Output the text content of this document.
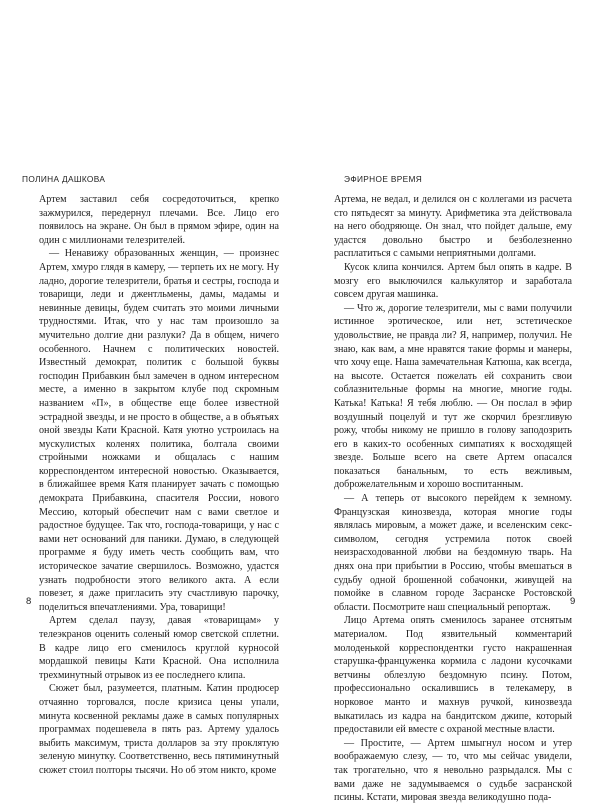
ПОЛИНА ДАШКОВА

Артем заставил себя сосредоточиться, крепко зажмурился, передернул плечами. Все. Лицо его появилось на экране. Он был в прямом эфире, один на один с миллионами телезрителей.

— Ненавижу образованных женщин, — произнес Артем, хмуро глядя в камеру, — терпеть их не могу. Ну ладно, дорогие телезрители, братья и сестры, господа и товарищи, леди и джентльмены, дамы, мадамы и невинные девицы, будем считать это моими личными трудностями. Итак, что у нас там произошло за мучительно долгие дни разлуки? Да в общем, ничего особенного. Начнем с политических новостей. Известный демократ, политик с большой буквы господин Прибавкин был замечен в одном интересном месте, а именно в закрытом клубе под скромным названием «П», в обществе еще более известной эстрадной звезды, и не просто в обществе, а в объятьях оной звезды Кати Красной. Катя уютно устроилась на мускулистых коленях политика, болтала своими стройными ножками и общалась с нашим корреспондентом интересной новостью. Оказывается, в ближайшее время Катя планирует зачать с помощью демократа Прибавкина, спасителя России, нового Мессию, который обеспечит нам с вами светлое и радостное будущее. Так что, господа-товарищи, у нас с вами нет оснований для паники. Думаю, в следующей программе я буду иметь честь сообщить вам, что историческое зачатие свершилось. Возможно, удастся узнать подробности этого великого акта. А если повезет, я даже пригласить эту счастливую парочку, поделиться впечатлениями. Ура, товарищи!

Артем сделал паузу, давая «товарищам» у телеэкранов оценить соленый юмор светской сплетни. В кадре лицо его сменилось круглой курносой мордашкой певицы Кати Красной. Она исполнила трехминутный отрывок из ее последнего клипа.

Сюжет был, разумеется, платным. Катин продюсер отчаянно торговался, после кризиса цены упали, минута косвенной рекламы даже в самых популярных программах подешевела в пять раз. Артему удалось выбить максимум, триста долларов за эту проклятую зеленую минутку. Соответственно, весь пятиминутный сюжет стоил полторы тысячи. Но об этом никто, кроме

8
ЭФИРНОЕ ВРЕМЯ

Артема, не ведал, и делился он с коллегами из расчета сто пятьдесят за минуту. Арифметика эта действовала на него ободряюще. Он знал, что пойдет дальше, ему удастся довольно быстро и безболезненно расплатиться с самыми неприятными долгами.

Кусок клипа кончился. Артем был опять в кадре. В мозгу его выключился калькулятор и заработала совсем другая машинка.

— Что ж, дорогие телезрители, мы с вами получили истинное эротическое, или нет, эстетическое удовольствие, не правда ли? Я, например, получил. Не знаю, как вам, а мне нравятся такие формы и манеры, что хочу еще. Наша замечательная Катюша, как всегда, на высоте. Остается пожелать ей сохранить свои соблазнительные формы на многие, многие годы. Катька! Катька! Я тебя люблю. — Он послал в эфир воздушный поцелуй и тут же скорчил брезгливую рожу, чтобы никому не пришло в голову заподозрить его в каких-то особенных симпатиях к восходящей звезде. Больше всего на свете Артем опасался показаться банальным, то есть вежливым, доброжелательным и хорошо воспитанным.

— А теперь от высокого перейдем к земному. Французская кинозвезда, которая многие годы являлась мировым, а может даже, и вселенским секс-символом, сегодня устремила поток своей неизрасходованной любви на бездомную тварь. На днях она при прибытии в Россию, чтобы вмешаться в судьбу одной брошенной собачонки, живущей на помойке в славном городе Засранске Ростовской области. Посмотрите наш специальный репортаж.

Лицо Артема опять сменилось заранее отснятым материалом. Под язвительный комментарий молоденькой корреспондентки густо накрашенная старушка-француженка кормила с ладони кусочками ветчины облезлую бездомную псину. Потом, профессионально оскалившись в телекамеру, в норковое манто и махнув ручкой, кинозвезда выкатилась из кадра на бандитском джипе, который предоставили ей вместе с охраной местные власти.

— Простите, — Артем шмыгнул носом и утер воображаемую слезу, — то, что мы сейчас увидели, так трогательно, что я невольно разрыдался. Мы с вами даже не задумываемся о судьбе засранской псины. Кстати, мировая звезда великодушно пода-

9
